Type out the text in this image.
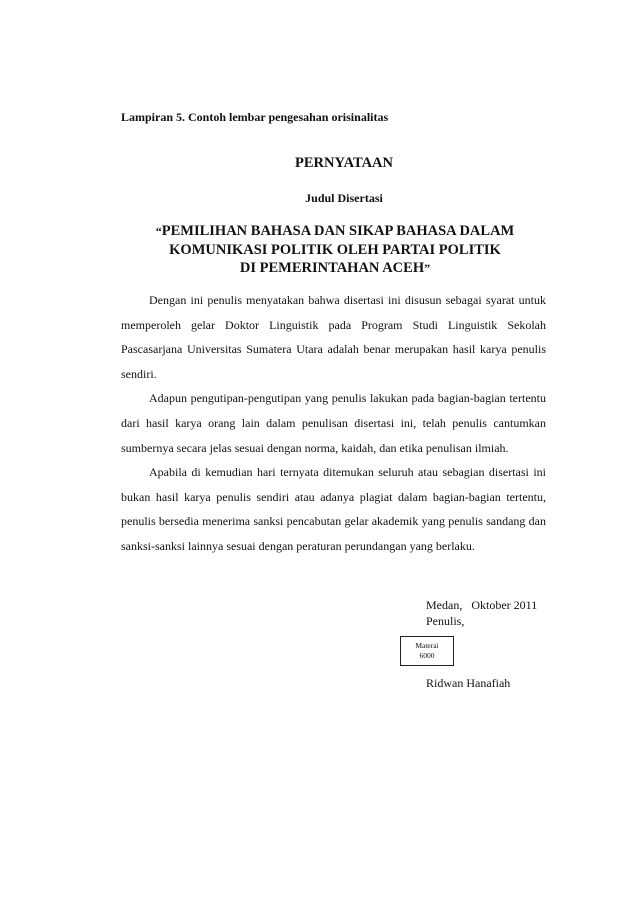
Lampiran 5. Contoh lembar pengesahan orisinalitas
PERNYATAAN
Judul Disertasi
“PEMILIHAN BAHASA DAN SIKAP BAHASA DALAM
KOMUNIKASI POLITIK OLEH PARTAI POLITIK
DI PEMERINTAHAN ACEH”

Dengan ini penulis menyatakan bahwa disertasi ini disusun sebagai syarat untuk memperoleh gelar Doktor Linguistik pada Program Studi Linguistik Sekolah Pascasarjana Universitas Sumatera Utara adalah benar merupakan hasil karya penulis sendiri.

Adapun pengutipan-pengutipan yang penulis lakukan pada bagian-bagian tertentu dari hasil karya orang lain dalam penulisan disertasi ini, telah penulis cantumkan sumbernya secara jelas sesuai dengan norma, kaidah, dan etika penulisan ilmiah.

Apabila di kemudian hari ternyata ditemukan seluruh atau sebagian disertasi ini bukan hasil karya penulis sendiri atau adanya plagiat dalam bagian-bagian tertentu, penulis bersedia menerima sanksi pencabutan gelar akademik yang penulis sandang dan sanksi-sanksi lainnya sesuai dengan peraturan perundangan yang berlaku.

Medan,   Oktober 2011
Penulis,
Materai
6000
Ridwan Hanafiah
